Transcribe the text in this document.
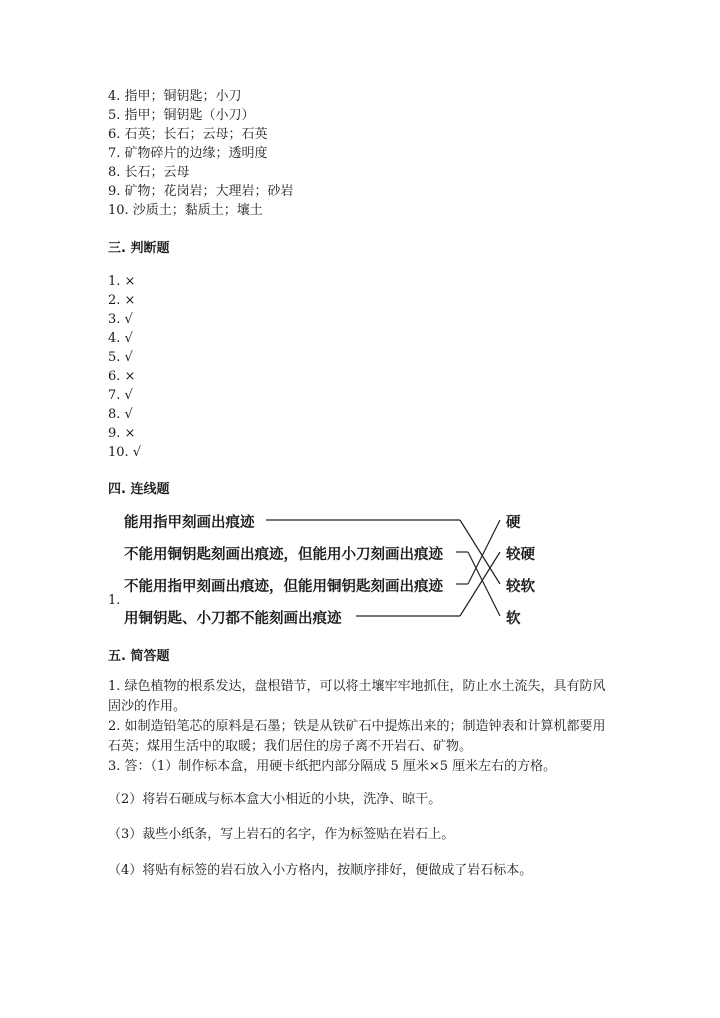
4. 指甲；铜钥匙；小刀
5. 指甲；铜钥匙（小刀）
6. 石英；长石；云母；石英
7. 矿物碎片的边缘；透明度
8. 长石；云母
9. 矿物；花岗岩；大理岩；砂岩
10. 沙质土；黏质土；壤土
三. 判断题
1. ×
2. ×
3. √
4. √
5. √
6. ×
7. √
8. √
9. ×
10. √
四. 连线题
1.
能用指甲刻画出痕迹
不能用铜钥匙刻画出痕迹，但能用小刀刻画出痕迹
不能用指甲刻画出痕迹，但能用铜钥匙刻画出痕迹
用铜钥匙、小刀都不能刻画出痕迹
硬
较硬
较软
软
五. 简答题
1. 绿色植物的根系发达，盘根错节，可以将土壤牢牢地抓住，防止水土流失，具有防风固沙的作用。
2. 如制造铅笔芯的原料是石墨；铁是从铁矿石中提炼出来的；制造钟表和计算机都要用石英；煤用生活中的取暖；我们居住的房子离不开岩石、矿物。
3. 答：（1）制作标本盒，用硬卡纸把内部分隔成 5 厘米×5 厘米左右的方格。
（2）将岩石砸成与标本盒大小相近的小块，洗净、晾干。
（3）裁些小纸条，写上岩石的名字，作为标签贴在岩石上。
（4）将贴有标签的岩石放入小方格内，按顺序排好，便做成了岩石标本。
